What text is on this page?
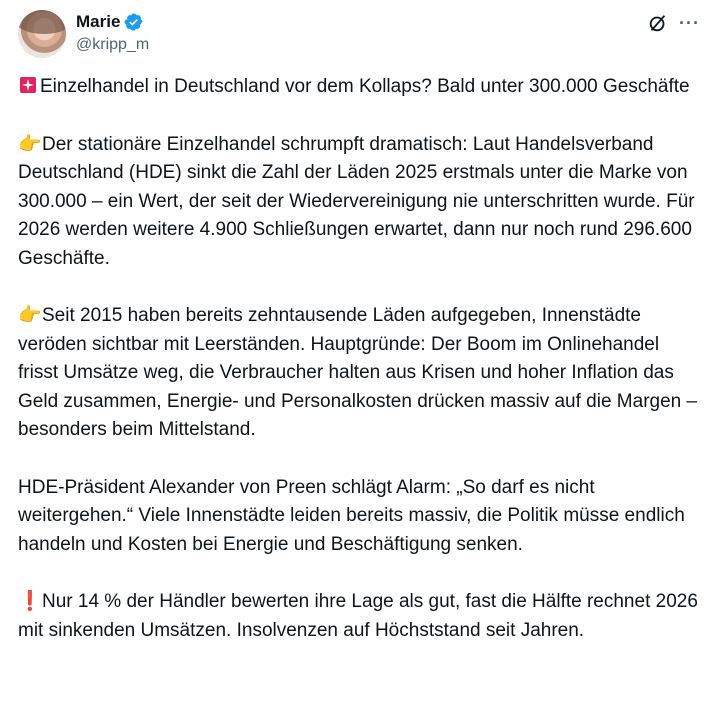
Marie
@kripp_m
···

Einzelhandel in Deutschland vor dem Kollaps? Bald unter 300.000 Geschäfte

👉Der stationäre Einzelhandel schrumpft dramatisch: Laut Handelsverband Deutschland (HDE) sinkt die Zahl der Läden 2025 erstmals unter die Marke von 300.000 – ein Wert, der seit der Wiedervereinigung nie unterschritten wurde. Für 2026 werden weitere 4.900 Schließungen erwartet, dann nur noch rund 296.600 Geschäfte.

👉Seit 2015 haben bereits zehntausende Läden aufgegeben, Innenstädte veröden sichtbar mit Leerständen. Hauptgründe: Der Boom im Onlinehandel frisst Umsätze weg, die Verbraucher halten aus Krisen und hoher Inflation das Geld zusammen, Energie- und Personalkosten drücken massiv auf die Margen – besonders beim Mittelstand.

HDE-Präsident Alexander von Preen schlägt Alarm: „So darf es nicht weitergehen.“ Viele Innenstädte leiden bereits massiv, die Politik müsse endlich handeln und Kosten bei Energie und Beschäftigung senken.

❗Nur 14 % der Händler bewerten ihre Lage als gut, fast die Hälfte rechnet 2026 mit sinkenden Umsätzen. Insolvenzen auf Höchststand seit Jahren.
